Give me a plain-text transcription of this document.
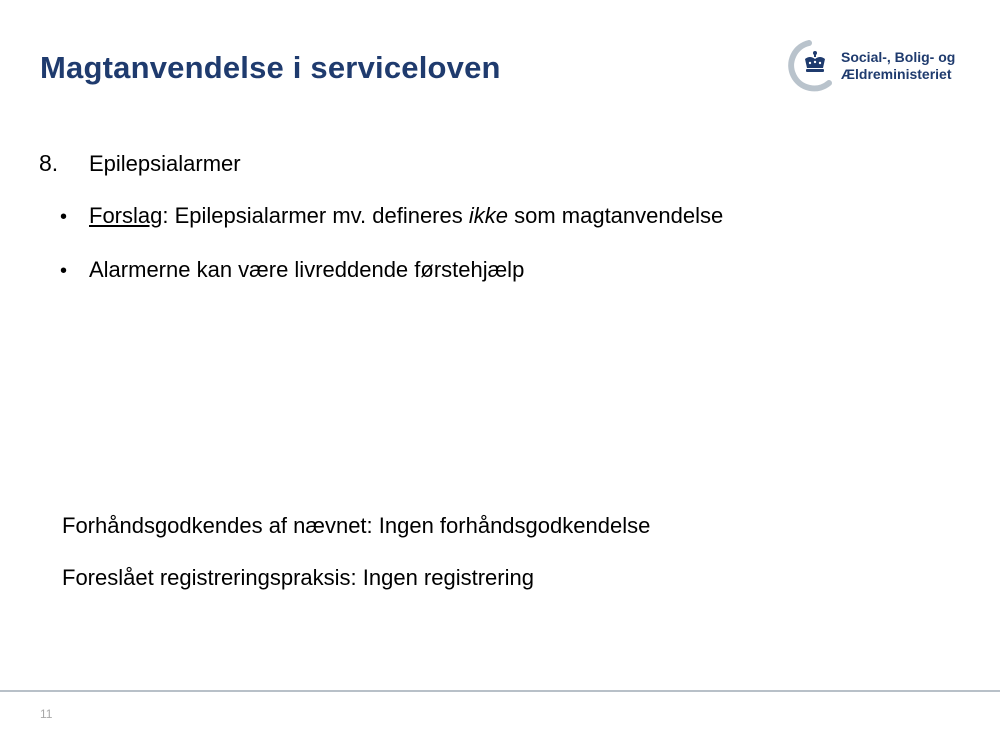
Magtanvendelse i serviceloven	Social-, Bolig- og
Ældreministeriet
8.	Epilepsialarmer
• Forslag: Epilepsialarmer mv. defineres ikke som magtanvendelse
• Alarmerne kan være livreddende førstehjælp
Forhåndsgodkendes af nævnet: Ingen forhåndsgodkendelse
Foreslået registreringspraksis: Ingen registrering
11
